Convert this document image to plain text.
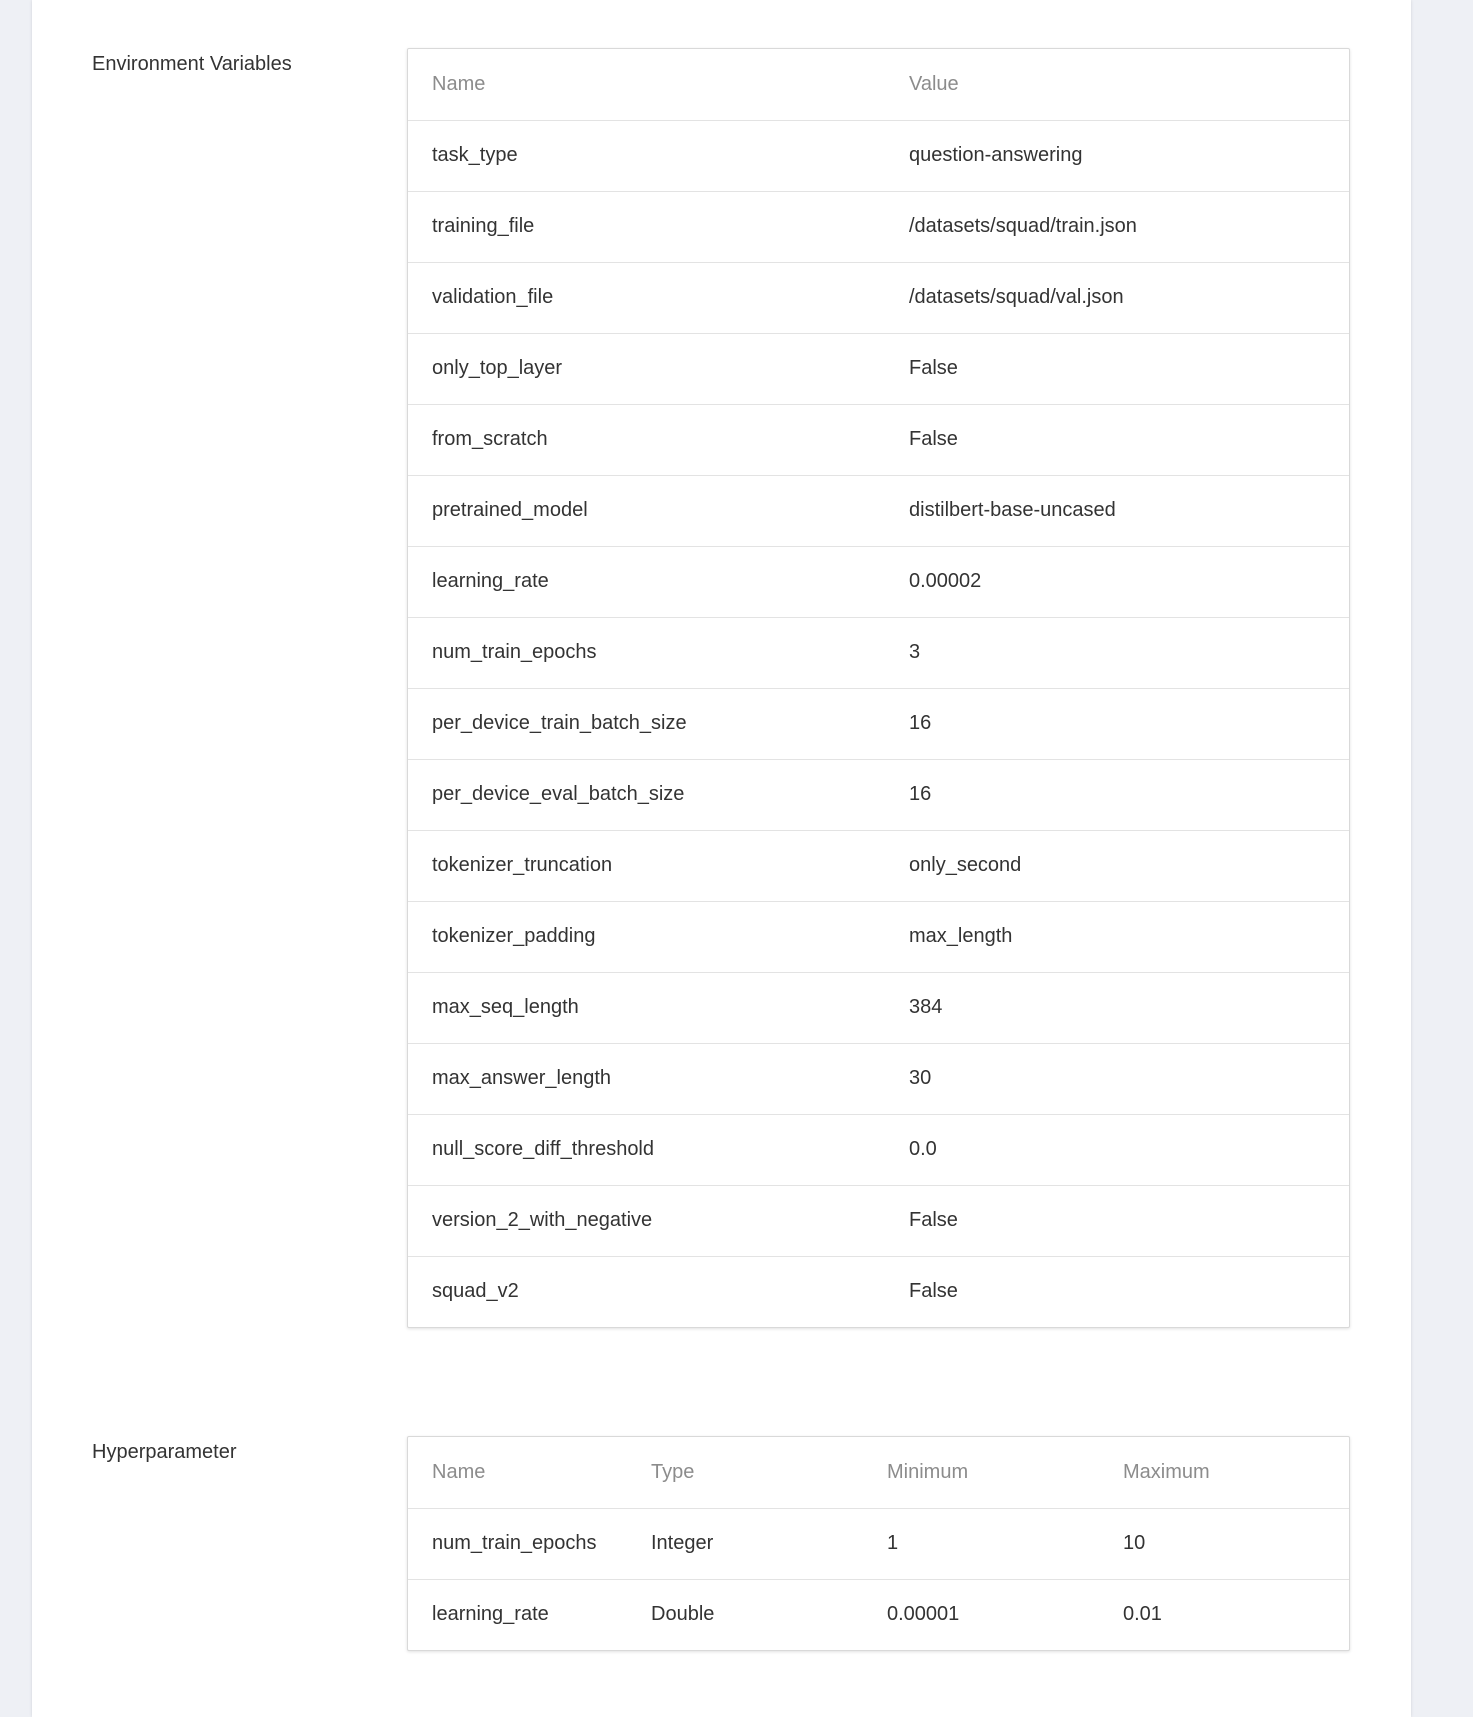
Environment Variables
Name	Value
task_type	question-answering
training_file	/datasets/squad/train.json
validation_file	/datasets/squad/val.json
only_top_layer	False
from_scratch	False
pretrained_model	distilbert-base-uncased
learning_rate	0.00002
num_train_epochs	3
per_device_train_batch_size	16
per_device_eval_batch_size	16
tokenizer_truncation	only_second
tokenizer_padding	max_length
max_seq_length	384
max_answer_length	30
null_score_diff_threshold	0.0
version_2_with_negative	False
squad_v2	False
Hyperparameter
Name	Type	Minimum	Maximum
num_train_epochs	Integer	1	10
learning_rate	Double	0.00001	0.01
